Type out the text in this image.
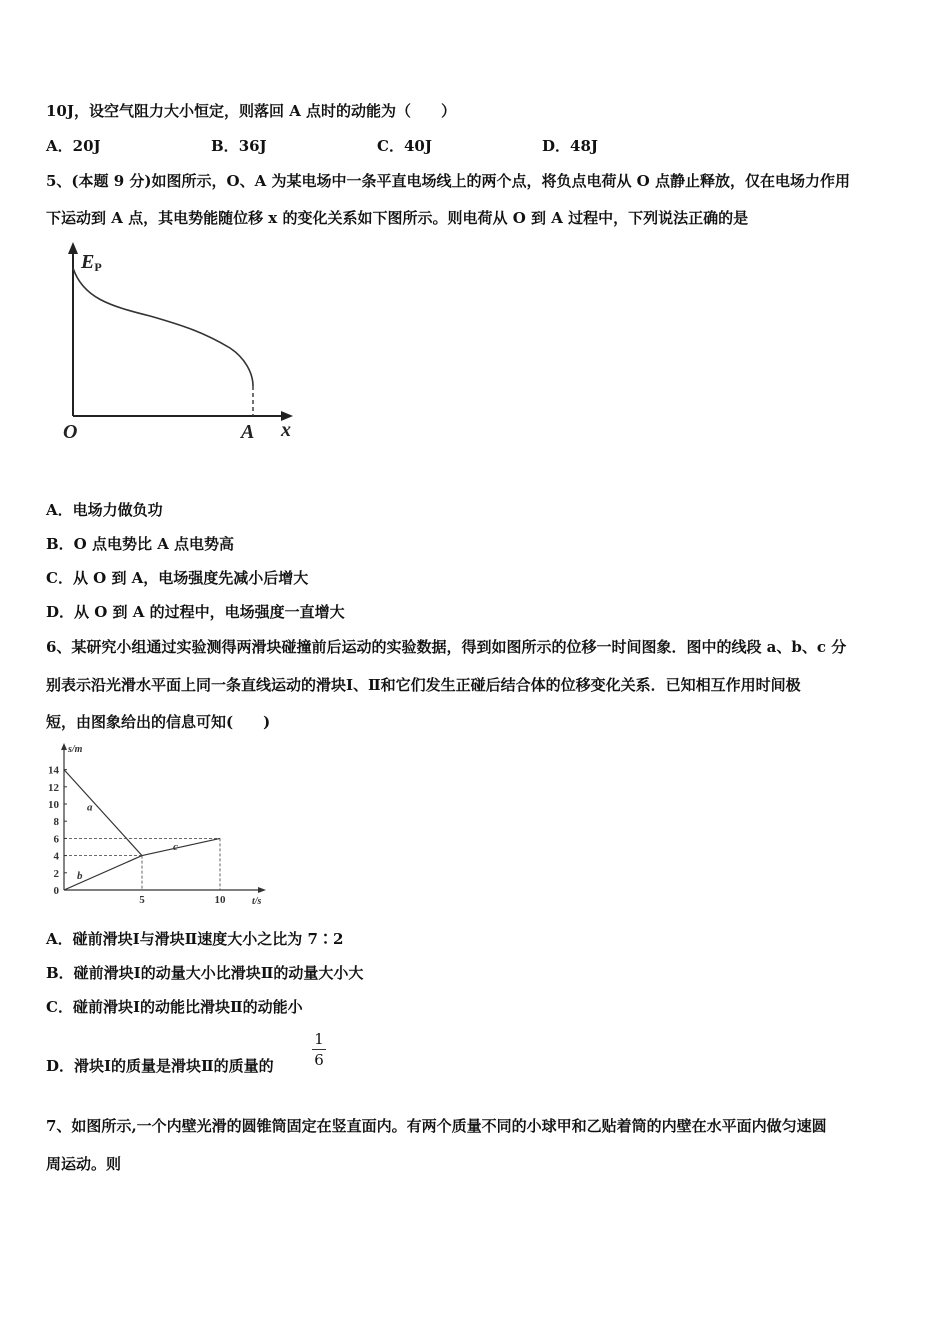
10J，设空气阻力大小恒定，则落回 A 点时的动能为（　　）
A．20J	B．36J	C．40J	D．48J
5、(本题 9 分)如图所示，O、A 为某电场中一条平直电场线上的两个点，将负点电荷从 O 点静止释放，仅在电场力作用
下运动到 A 点，其电势能随位移 x 的变化关系如下图所示。则电荷从 O 到 A 过程中，下列说法正确的是
EP
O	A x
A．电场力做负功
B．O 点电势比 A 点电势高
C．从 O 到 A，电场强度先减小后增大
D．从 O 到 A 的过程中，电场强度一直增大
6、某研究小组通过实验测得两滑块碰撞前后运动的实验数据，得到如图所示的位移一时间图象．图中的线段 a、b、c 分
别表示沿光滑水平面上同一条直线运动的滑块Ⅰ、Ⅱ和它们发生正碰后结合体的位移变化关系．已知相互作用时间极
短，由图象给出的信息可知(　　)
a
b
c
0
2
4
6
8
10
12
14
5	10
s/m
t/s
A．碰前滑块Ⅰ与滑块Ⅱ速度大小之比为 7∶2
B．碰前滑块Ⅰ的动量大小比滑块Ⅱ的动量大小大
C．碰前滑块Ⅰ的动能比滑块Ⅱ的动能小
D．滑块Ⅰ的质量是滑块Ⅱ的质量的
1
6
7、如图所示,一个内壁光滑的圆锥筒固定在竖直面内。有两个质量不同的小球甲和乙贴着筒的内壁在水平面内做匀速圆
周运动。则
